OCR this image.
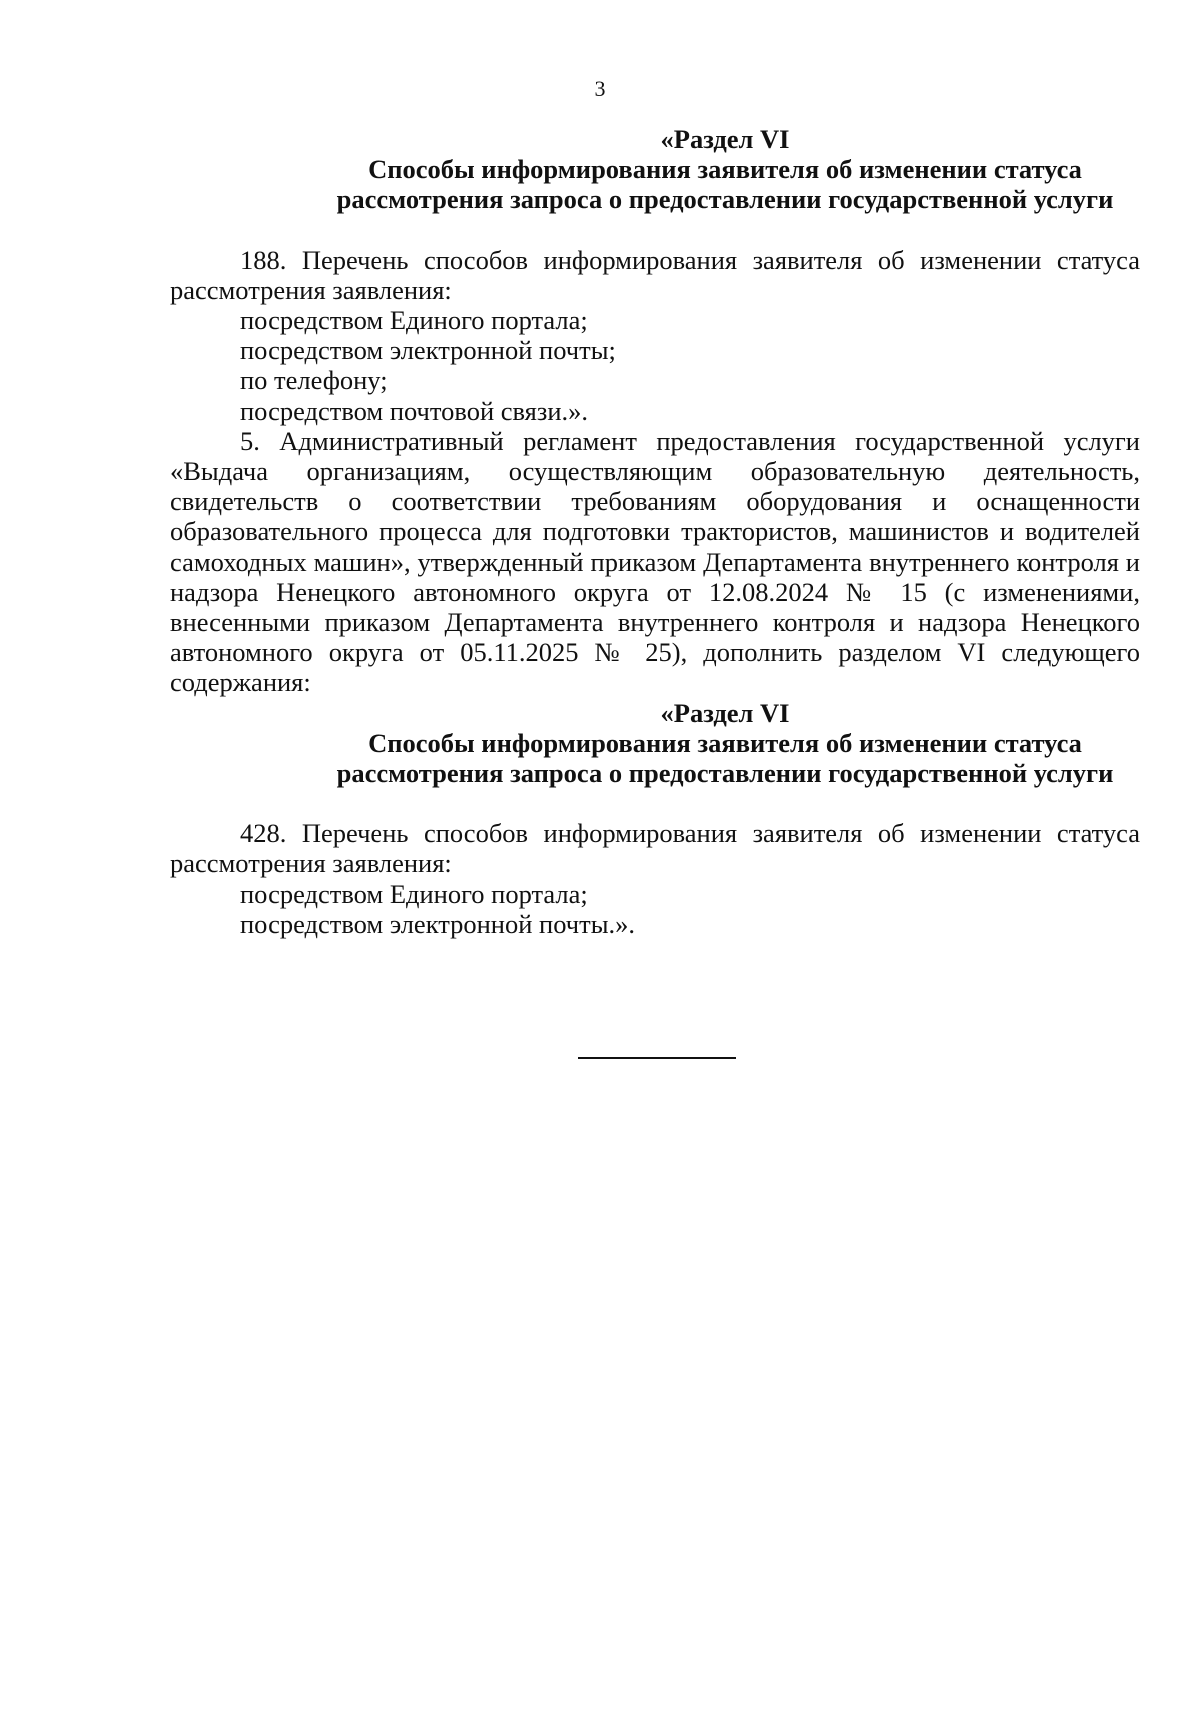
3
«Раздел VI
Способы информирования заявителя об изменении статуса
рассмотрения запроса о предоставлении государственной услуги

188. Перечень способов информирования заявителя об изменении статуса рассмотрения заявления:

посредством Единого портала;
посредством электронной почты;
по телефону;
посредством почтовой связи.».

5. Административный регламент предоставления государственной услуги «Выдача организациям, осуществляющим образовательную деятельность, свидетельств о соответствии требованиям оборудования и оснащенности образовательного процесса для подготовки трактористов, машинистов и водителей самоходных машин», утвержденный приказом Департамента внутреннего контроля и надзора Ненецкого автономного округа от 12.08.2024 № 15 (с изменениями, внесенными приказом Департамента внутреннего контроля и надзора Ненецкого автономного округа от 05.11.2025 № 25), дополнить разделом VI следующего содержания:

«Раздел VI
Способы информирования заявителя об изменении статуса
рассмотрения запроса о предоставлении государственной услуги

428. Перечень способов информирования заявителя об изменении статуса рассмотрения заявления:

посредством Единого портала;
посредством электронной почты.».
